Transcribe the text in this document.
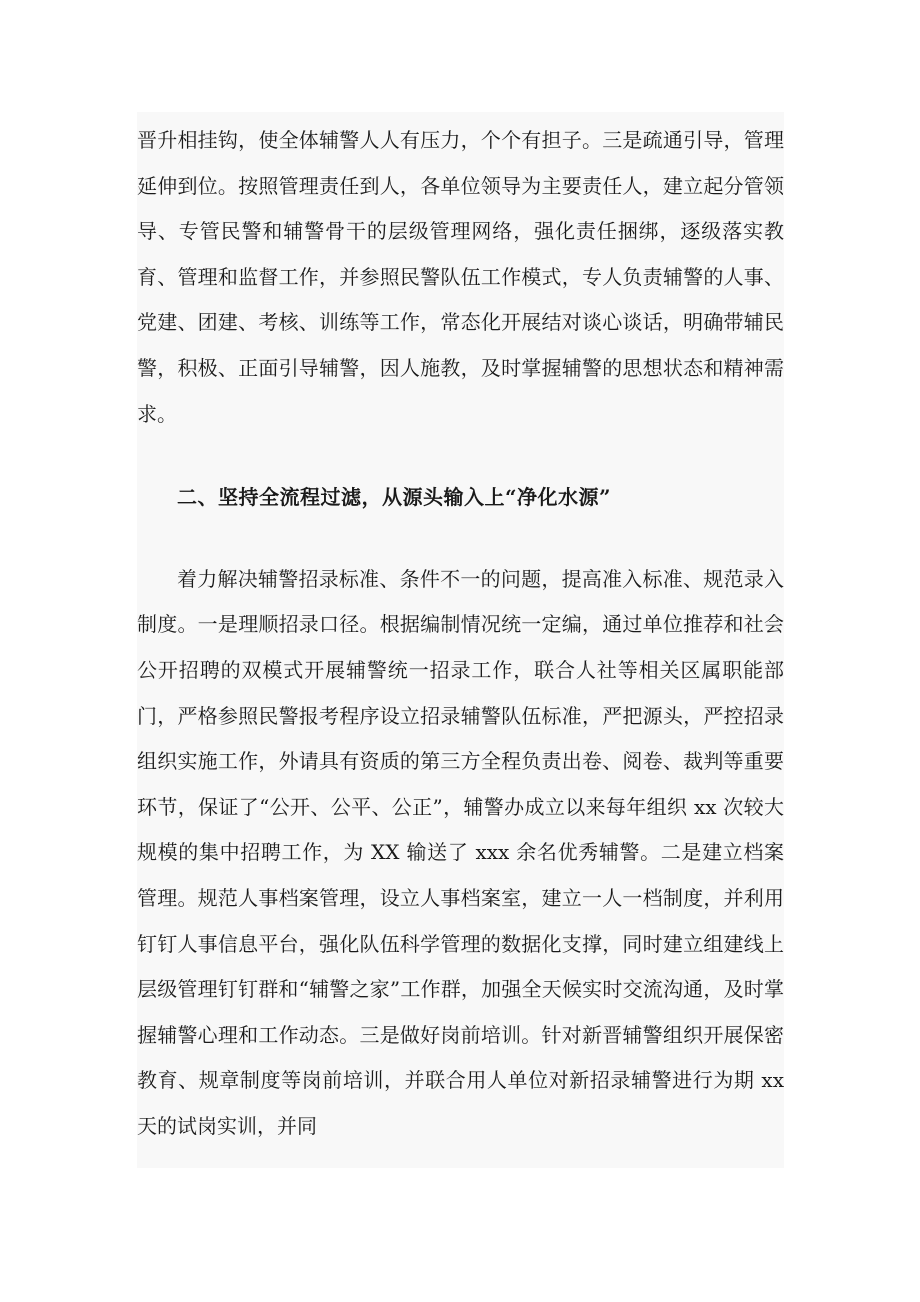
晋升相挂钩，使全体辅警人人有压力，个个有担子。三是疏通引导，管理延伸到位。按照管理责任到人，各单位领导为主要责任人，建立起分管领导、专管民警和辅警骨干的层级管理网络，强化责任捆绑，逐级落实教育、管理和监督工作，并参照民警队伍工作模式，专人负责辅警的人事、党建、团建、考核、训练等工作，常态化开展结对谈心谈话，明确带辅民警，积极、正面引导辅警，因人施教，及时掌握辅警的思想状态和精神需求。

二、坚持全流程过滤，从源头输入上“净化水源”

着力解决辅警招录标准、条件不一的问题，提高准入标准、规范录入制度。一是理顺招录口径。根据编制情况统一定编，通过单位推荐和社会公开招聘的双模式开展辅警统一招录工作，联合人社等相关区属职能部门，严格参照民警报考程序设立招录辅警队伍标准，严把源头，严控招录组织实施工作，外请具有资质的第三方全程负责出卷、阅卷、裁判等重要环节，保证了“公开、公平、公正”，辅警办成立以来每年组织 xx 次较大规模的集中招聘工作，为 XX 输送了 xxx 余名优秀辅警。二是建立档案管理。规范人事档案管理，设立人事档案室，建立一人一档制度，并利用钉钉人事信息平台，强化队伍科学管理的数据化支撑，同时建立组建线上层级管理钉钉群和“辅警之家”工作群，加强全天候实时交流沟通，及时掌握辅警心理和工作动态。三是做好岗前培训。针对新晋辅警组织开展保密教育、规章制度等岗前培训，并联合用人单位对新招录辅警进行为期 xx 天的试岗实训，并同
